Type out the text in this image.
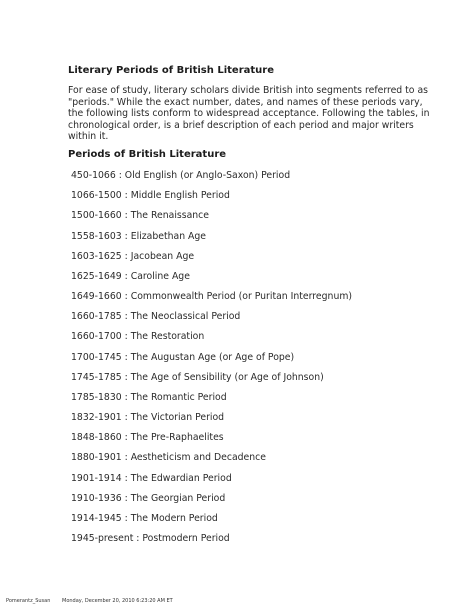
Literary Periods of British Literature

For ease of study, literary scholars divide British into segments referred to as "periods." While the exact number, dates, and names of these periods vary, the following lists conform to widespread acceptance. Following the tables, in chronological order, is a brief description of each period and major writers within it.

Periods of British Literature
450-1066 : Old English (or Anglo-Saxon) Period
1066-1500 : Middle English Period
1500-1660 : The Renaissance
1558-1603 : Elizabethan Age
1603-1625 : Jacobean Age
1625-1649 : Caroline Age
1649-1660 : Commonwealth Period (or Puritan Interregnum)
1660-1785 : The Neoclassical Period
1660-1700 : The Restoration
1700-1745 : The Augustan Age (or Age of Pope)
1745-1785 : The Age of Sensibility (or Age of Johnson)
1785-1830 : The Romantic Period
1832-1901 : The Victorian Period
1848-1860 : The Pre-Raphaelites
1880-1901 : Aestheticism and Decadence
1901-1914 : The Edwardian Period
1910-1936 : The Georgian Period
1914-1945 : The Modern Period
1945-present : Postmodern Period
Pomerantz_Susan Monday, December 20, 2010 6:23:20 AM ET
